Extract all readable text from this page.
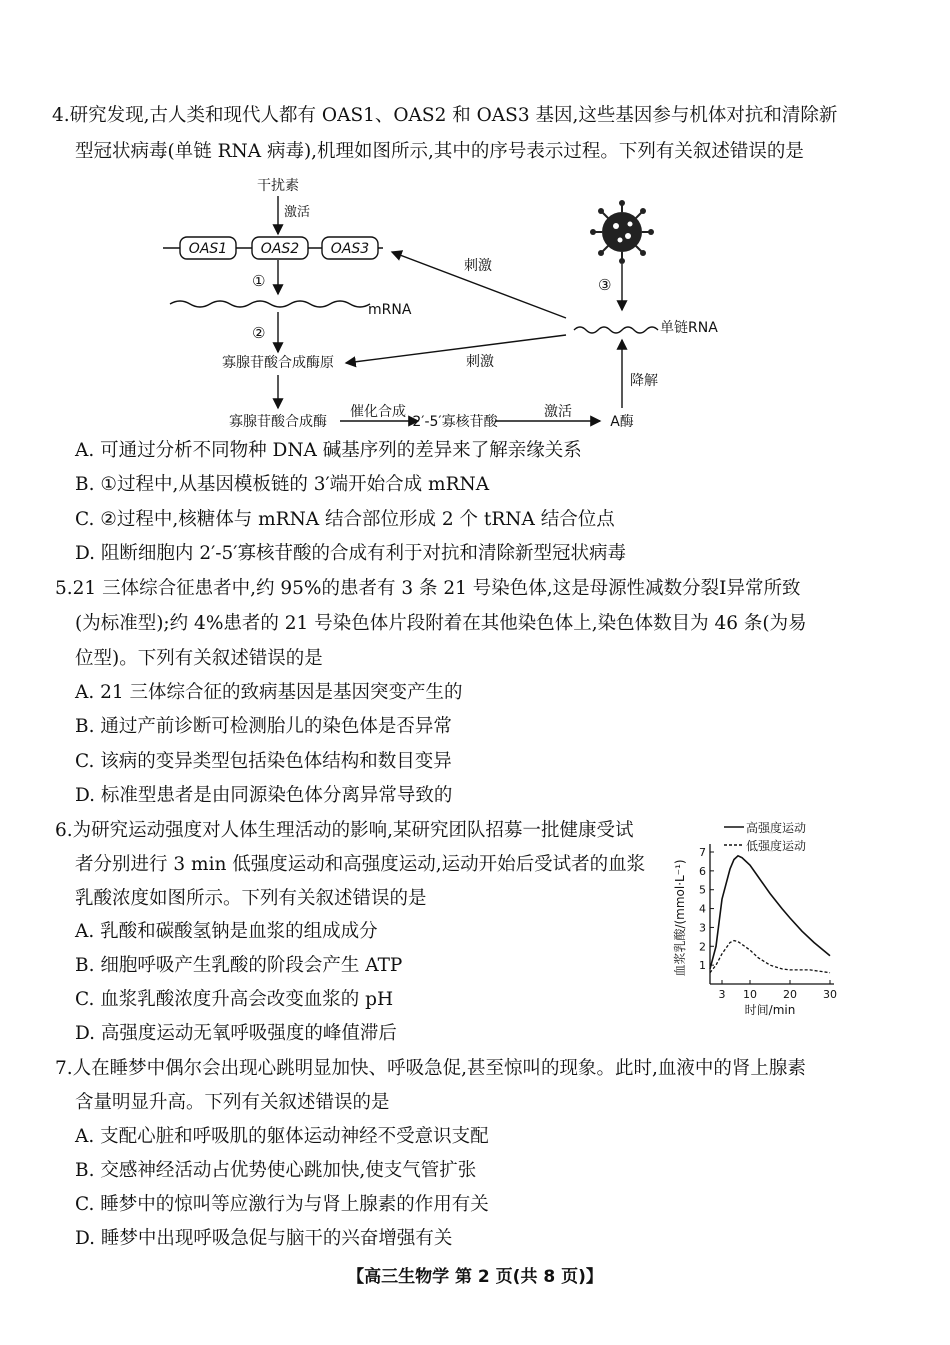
4.研究发现,古人类和现代人都有 OAS1、OAS2 和 OAS3 基因,这些基因参与机体对抗和清除新
型冠状病毒(单链 RNA 病毒),机理如图所示,其中的序号表示过程。下列有关叙述错误的是
干扰素
激活
OAS1 OAS2 OAS3
①
mRNA
②
寡腺苷酸合成酶原
寡腺苷酸合成酶
催化合成
2′-5′寡核苷酸
激活
A酶
降解
③
单链RNA
刺激
刺激
A. 可通过分析不同物种 DNA 碱基序列的差异来了解亲缘关系
B. ①过程中,从基因模板链的 3′端开始合成 mRNA
C. ②过程中,核糖体与 mRNA 结合部位形成 2 个 tRNA 结合位点
D. 阻断细胞内 2′-5′寡核苷酸的合成有利于对抗和清除新型冠状病毒
5.21 三体综合征患者中,约 95%的患者有 3 条 21 号染色体,这是母源性减数分裂Ⅰ异常所致
(为标准型);约 4%患者的 21 号染色体片段附着在其他染色体上,染色体数目为 46 条(为易
位型)。下列有关叙述错误的是
A. 21 三体综合征的致病基因是基因突变产生的
B. 通过产前诊断可检测胎儿的染色体是否异常
C. 该病的变异类型包括染色体结构和数目变异
D. 标准型患者是由同源染色体分离异常导致的
6.为研究运动强度对人体生理活动的影响,某研究团队招募一批健康受试
者分别进行 3 min 低强度运动和高强度运动,运动开始后受试者的血浆
乳酸浓度如图所示。下列有关叙述错误的是
A. 乳酸和碳酸氢钠是血浆的组成成分
B. 细胞呼吸产生乳酸的阶段会产生 ATP
C. 血浆乳酸浓度升高会改变血浆的 pH
D. 高强度运动无氧呼吸强度的峰值滞后
高强度运动
低强度运动
血浆乳酸/(mmol·L⁻¹)
时间/min
1
2
3
4
5
6
7
3 10 20 30
7.人在睡梦中偶尔会出现心跳明显加快、呼吸急促,甚至惊叫的现象。此时,血液中的肾上腺素
含量明显升高。下列有关叙述错误的是
A. 支配心脏和呼吸肌的躯体运动神经不受意识支配
B. 交感神经活动占优势使心跳加快,使支气管扩张
C. 睡梦中的惊叫等应激行为与肾上腺素的作用有关
D. 睡梦中出现呼吸急促与脑干的兴奋增强有关
【高三生物学 第 2 页(共 8 页)】
